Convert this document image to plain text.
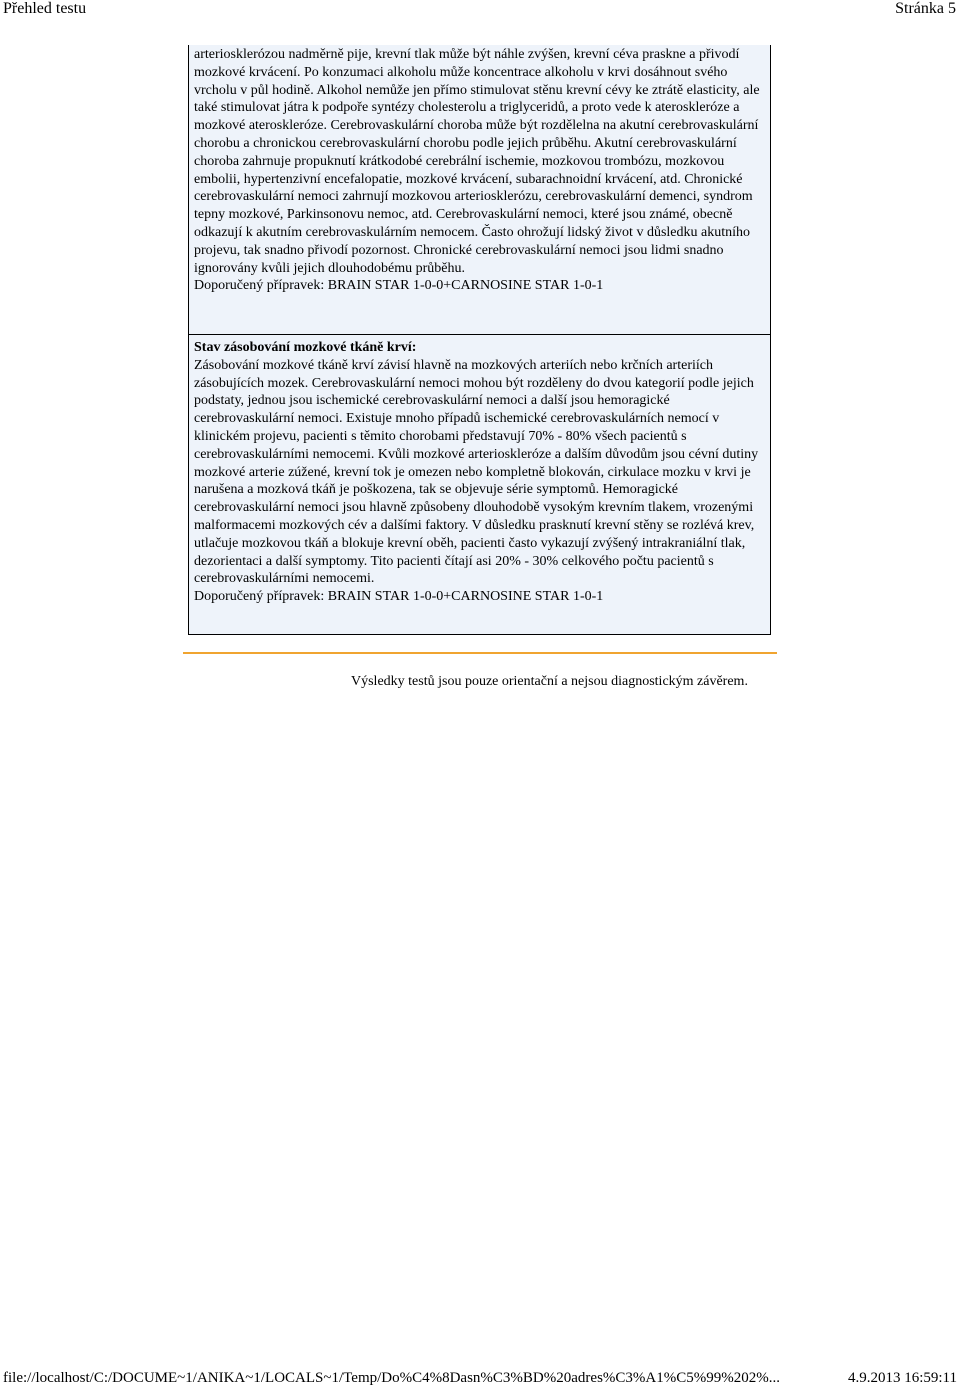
Přehled testu	Stránka 5

arteriosklerózou nadměrně pije, krevní tlak může být náhle zvýšen, krevní céva praskne a přivodí mozkové krvácení. Po konzumaci alkoholu může koncentrace alkoholu v krvi dosáhnout svého vrcholu v půl hodině. Alkohol nemůže jen přímo stimulovat stěnu krevní cévy ke ztrátě elasticity, ale také stimulovat játra k podpoře syntézy cholesterolu a triglyceridů, a proto vede k ateroskleróze a mozkové ateroskleróze. Cerebrovaskulární choroba může být rozdělelna na akutní cerebrovaskulární chorobu a chronickou cerebrovaskulární chorobu podle jejich průběhu. Akutní cerebrovaskulární choroba zahrnuje propuknutí krátkodobé cerebrální ischemie, mozkovou trombózu, mozkovou embolii, hypertenzivní encefalopatie, mozkové krvácení, subarachnoidní krvácení, atd. Chronické cerebrovaskulární nemoci zahrnují mozkovou arteriosklerózu, cerebrovaskulární demenci, syndrom tepny mozkové, Parkinsonovu nemoc, atd. Cerebrovaskulární nemoci, které jsou známé, obecně odkazují k akutním cerebrovaskulárním nemocem. Často ohrožují lidský život v důsledku akutního projevu, tak snadno přivodí pozornost. Chronické cerebrovaskulární nemoci jsou lidmi snadno ignorovány kvůli jejich dlouhodobému průběhu.

Doporučený přípravek: BRAIN STAR 1-0-0+CARNOSINE STAR 1-0-1

Stav zásobování mozkové tkáně krví:

Zásobování mozkové tkáně krví závisí hlavně na mozkových arteriích nebo krčních arteriích zásobujících mozek. Cerebrovaskulární nemoci mohou být rozděleny do dvou kategorií podle jejich podstaty, jednou jsou ischemické cerebrovaskulární nemoci a další jsou hemoragické cerebrovaskulární nemoci. Existuje mnoho případů ischemické cerebrovaskulárních nemocí v klinickém projevu, pacienti s těmito chorobami představují 70% - 80% všech pacientů s cerebrovaskulárními nemocemi. Kvůli mozkové arterioskleróze a dalším důvodům jsou cévní dutiny mozkové arterie zúžené, krevní tok je omezen nebo kompletně blokován, cirkulace mozku v krvi je narušena a mozková tkáň je poškozena, tak se objevuje série symptomů. Hemoragické cerebrovaskulární nemoci jsou hlavně způsobeny dlouhodobě vysokým krevním tlakem, vrozenými malformacemi mozkových cév a dalšími faktory. V důsledku prasknutí krevní stěny se rozlévá krev, utlačuje mozkovou tkáň a blokuje krevní oběh, pacienti často vykazují zvýšený intrakraniální tlak, dezorientaci a další symptomy. Tito pacienti čítají asi 20% - 30% celkového počtu pacientů s cerebrovaskulárními nemocemi.

Doporučený přípravek: BRAIN STAR 1-0-0+CARNOSINE STAR 1-0-1

Výsledky testů jsou pouze orientační a nejsou diagnostickým závěrem.
file://localhost/C:/DOCUME~1/ANIKA~1/LOCALS~1/Temp/Do%C4%8Dasn%C3%BD%20adres%C3%A1%C5%99%202%...	4.9.2013 16:59:11
